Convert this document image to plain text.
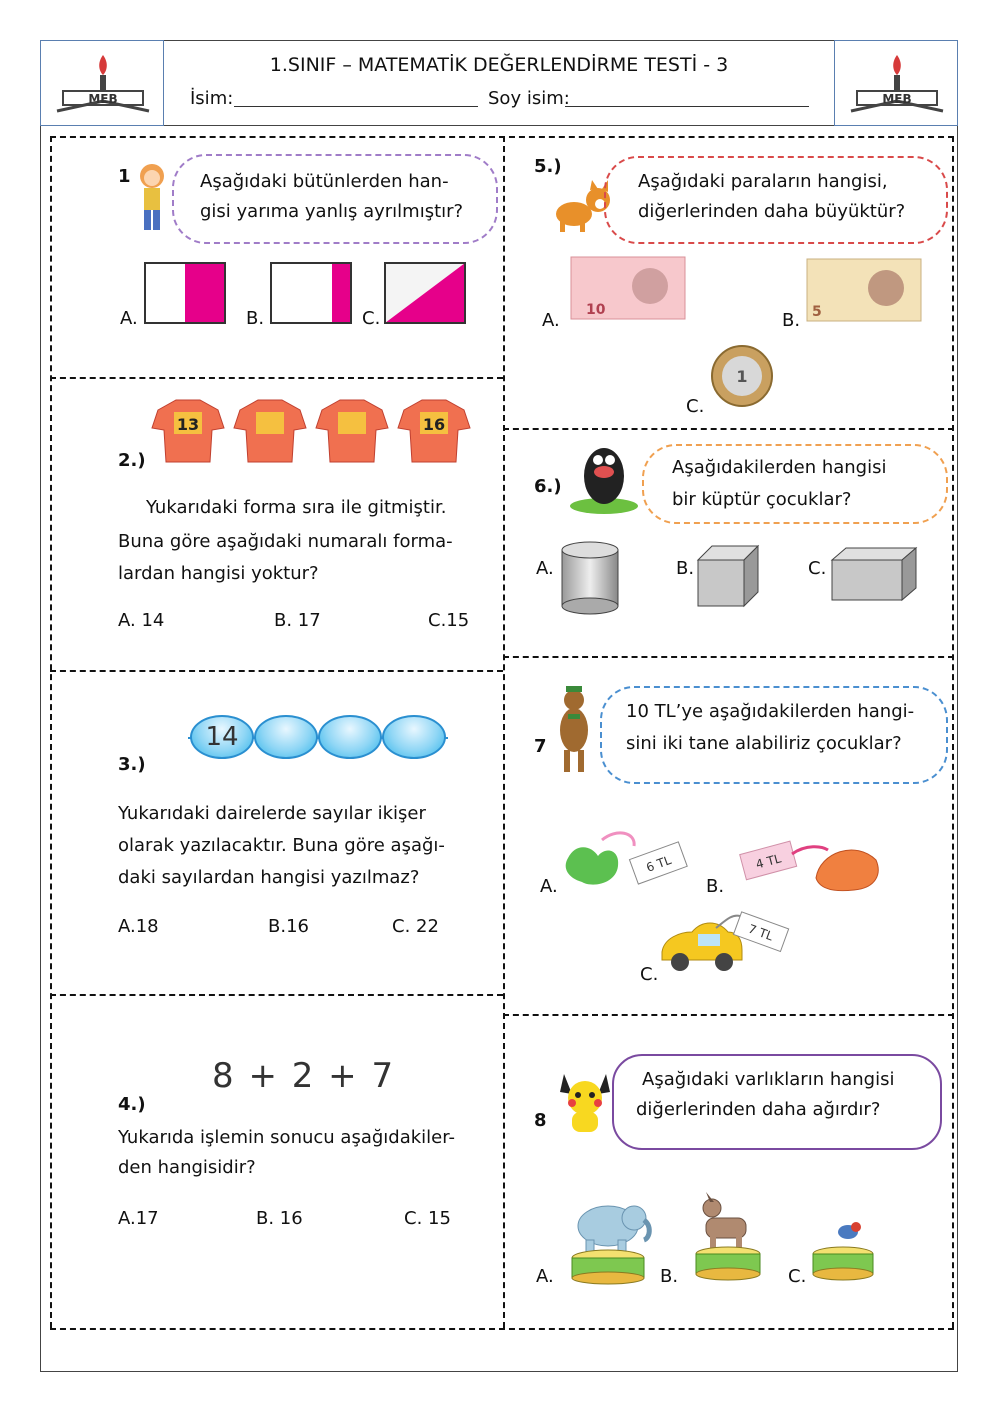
MEB	MEB
1.SINIF – MATEMATİK DEĞERLENDİRME TESTİ - 3
İsim:	Soy isim:
1	Aşağıdaki bütünlerden han-
gisi yarıma yanlış ayrılmıştır?
A.	B.	C.
2.)
13	16
Yukarıdaki forma sıra ile gitmiştir.
Buna göre aşağıdaki numaralı forma-
lardan hangisi yoktur?
A. 14	B. 17	C.15
3.)
14
Yukarıdaki dairelerde sayılar ikişer
olarak yazılacaktır. Buna göre aşağı-
daki sayılardan hangisi yazılmaz?
A.18	B.16	C. 22
8 + 2 + 7
4.)
Yukarıda işlemin sonucu aşağıdakiler-
den hangisidir?
A.17	B. 16	C. 15
5.)
Aşağıdaki paraların hangisi,
diğerlerinden daha büyüktür?
A. 10	B. 5
1
C.
6.)
Aşağıdakilerden hangisi
bir küptür çocuklar?
A.	B.	C.
7
10 TL’ye aşağıdakilerden hangi-
sini iki tane alabiliriz çocuklar?
A.
6 TL
B.
4 TL
C.
7 TL
8
Aşağıdaki varlıkların hangisi
diğerlerinden daha ağırdır?
A.	B.	C.
